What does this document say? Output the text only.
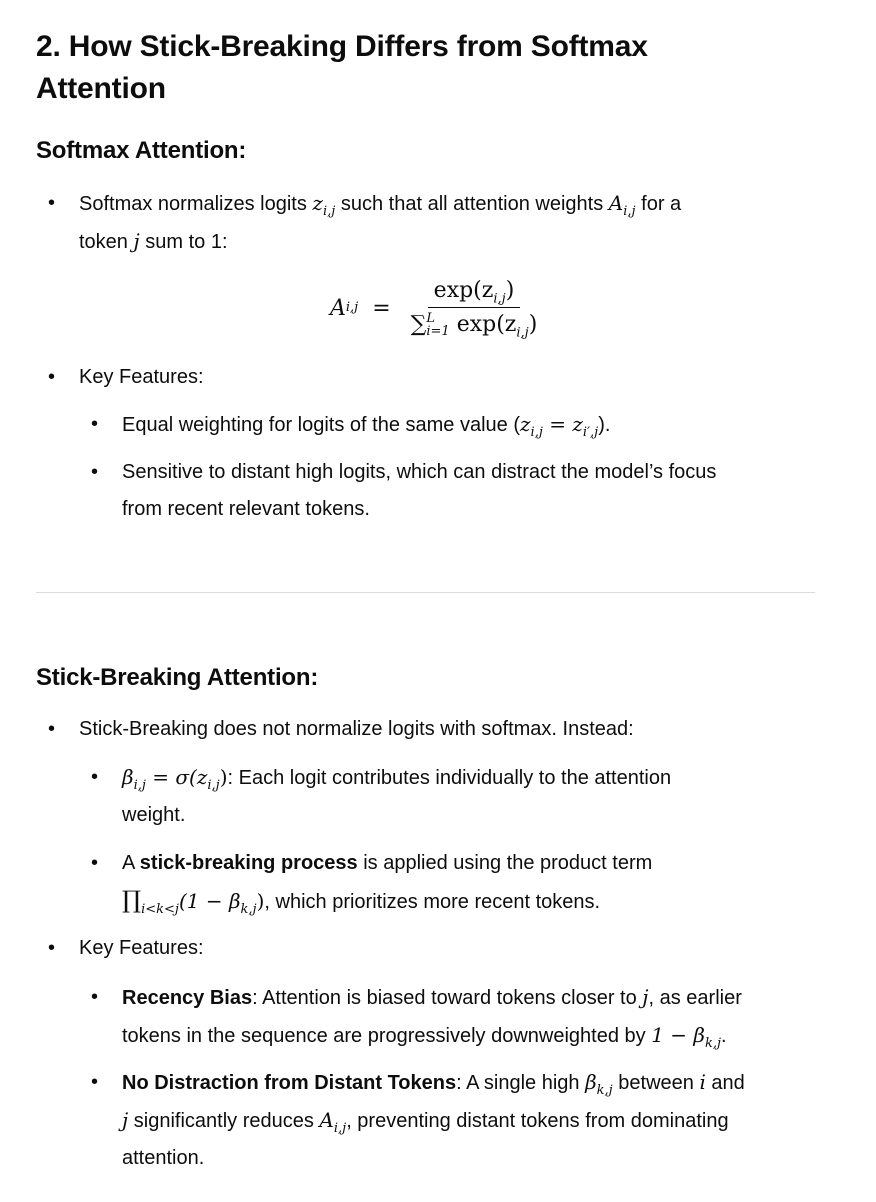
2. How Stick-Breaking Differs from Softmax Attention
Softmax Attention:
• Softmax normalizes logits $z_{i,j}$ such that all attention weights $A_{i,j}$ for a
token j sum to 1:
A $i,j = \exp(z_{i,j})$
∑ L
i=1 $\exp(z_{i,j})$
• Key Features:
• Equal weighting for logits of the same value $(z_{i,j} = z_{i',j})$.
• Sensitive to distant high logits, which can distract the model’s focus
from recent relevant tokens.
Stick-Breaking Attention:
• Stick-Breaking does not normalize logits with softmax. Instead:
• $\beta_{i,j} = \sigma(z_{i,j})$: Each logit contributes individually to the attention
weight.
• A stick-breaking process is applied using the product term
$\prod_{i<k<j}(1 - \beta_{k,j})$, which prioritizes more recent tokens.
• Key Features:
• Recency Bias: Attention is biased toward tokens closer to j, as earlier
tokens in the sequence are progressively downweighted by $1 - \beta_{k,j}$.
• No Distraction from Distant Tokens: A single high $\beta_{k,j}$ between i and
j significantly reduces $A_{i,j}$, preventing distant tokens from dominating
attention.
